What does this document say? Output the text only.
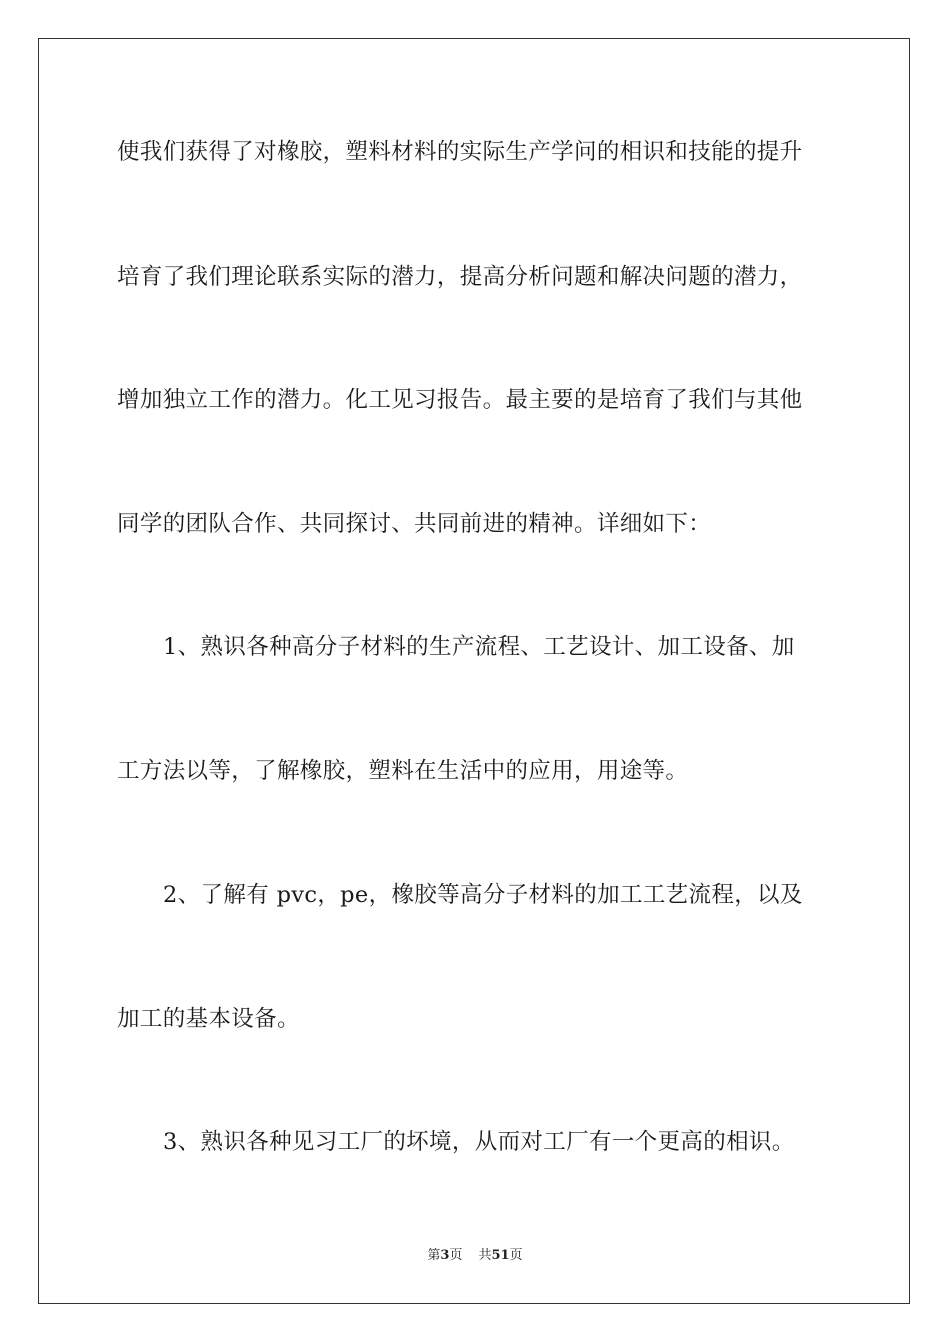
使我们获得了对橡胶，塑料材料的实际生产学问的相识和技能的提升
培育了我们理论联系实际的潜力，提高分析问题和解决问题的潜力，
增加独立工作的潜力。化工见习报告。最主要的是培育了我们与其他
同学的团队合作、共同探讨、共同前进的精神。详细如下：
1、熟识各种高分子材料的生产流程、工艺设计、加工设备、加
工方法以等，了解橡胶，塑料在生活中的应用，用途等。
2、了解有 pvc，pe，橡胶等高分子材料的加工工艺流程，以及
加工的基本设备。
3、熟识各种见习工厂的坏境，从而对工厂有一个更高的相识。
第3页 共51页
